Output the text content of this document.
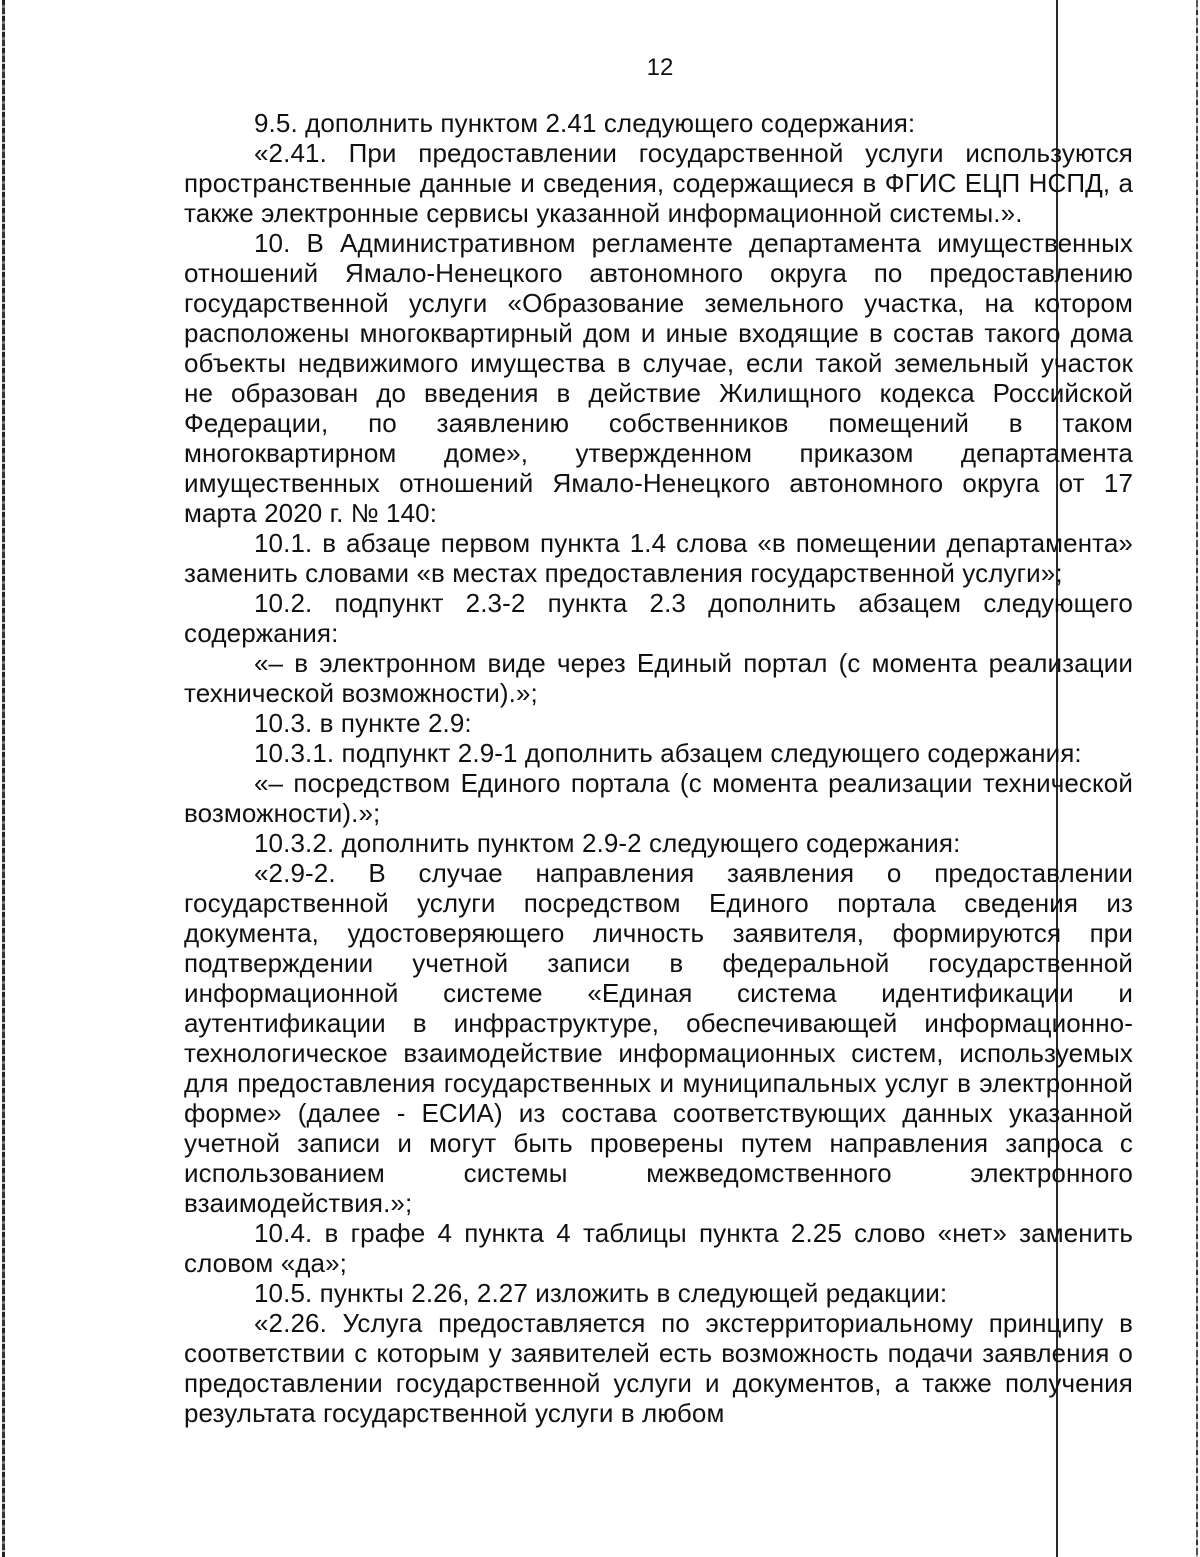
12

9.5. дополнить пунктом 2.41 следующего содержания:

«2.41. При предоставлении государственной услуги используются пространственные данные и сведения, содержащиеся в ФГИС ЕЦП НСПД, а также электронные сервисы указанной информационной системы.».

10. В Административном регламенте департамента имущественных отношений Ямало-Ненецкого автономного округа по предоставлению государственной услуги «Образование земельного участка, на котором расположены многоквартирный дом и иные входящие в состав такого дома объекты недвижимого имущества в случае, если такой земельный участок не образован до введения в действие Жилищного кодекса Российской Федерации, по заявлению собственников помещений в таком многоквартирном доме», утвержденном приказом департамента имущественных отношений Ямало-Ненецкого автономного округа от 17 марта 2020 г. № 140:

10.1. в абзаце первом пункта 1.4 слова «в помещении департамента» заменить словами «в местах предоставления государственной услуги»;

10.2. подпункт 2.3-2 пункта 2.3 дополнить абзацем следующего содержания:

«– в электронном виде через Единый портал (с момента реализации технической возможности).»;

10.3. в пункте 2.9:

10.3.1. подпункт 2.9-1 дополнить абзацем следующего содержания:

«– посредством Единого портала (с момента реализации технической возможности).»;

10.3.2. дополнить пунктом 2.9-2 следующего содержания:

«2.9-2. В случае направления заявления о предоставлении государственной услуги посредством Единого портала сведения из документа, удостоверяющего личность заявителя, формируются при подтверждении учетной записи в федеральной государственной информационной системе «Единая система идентификации и аутентификации в инфраструктуре, обеспечивающей информационно-технологическое взаимодействие информационных систем, используемых для предоставления государственных и муниципальных услуг в электронной форме» (далее - ЕСИА) из состава соответствующих данных указанной учетной записи и могут быть проверены путем направления запроса с использованием системы межведомственного электронного взаимодействия.»;

10.4. в графе 4 пункта 4 таблицы пункта 2.25 слово «нет» заменить словом «да»;

10.5. пункты 2.26, 2.27 изложить в следующей редакции:

«2.26. Услуга предоставляется по экстерриториальному принципу в соответствии с которым у заявителей есть возможность подачи заявления о предоставлении государственной услуги и документов, а также получения результата государственной услуги в любом
